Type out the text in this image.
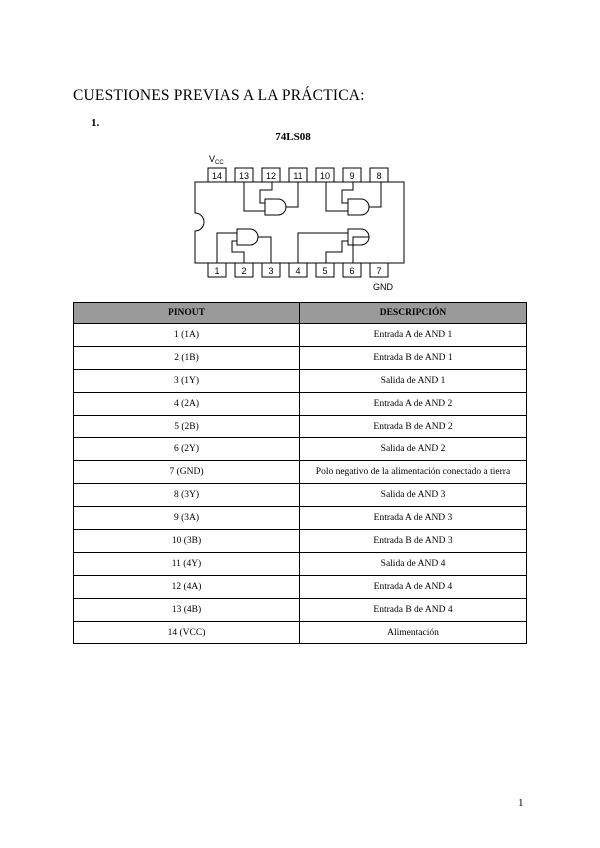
CUESTIONES PREVIAS A LA PRÁCTICA:
1.
74LS08
$V_{CC}$
14 13 12 11 10 9 8
1 2 3 4 5 6 7
GND
PINOUT	DESCRIPCIÓN
1 (1A)	Entrada A de AND 1
2 (1B)	Entrada B de AND 1
3 (1Y)	Salida de AND 1
4 (2A)	Entrada A de AND 2
5 (2B)	Entrada B de AND 2
6 (2Y)	Salida de AND 2
7 (GND)	Polo negativo de la alimentación conectado a tierra
8 (3Y)	Salida de AND 3
9 (3A)	Entrada A de AND 3
10 (3B)	Entrada B de AND 3
11 (4Y)	Salida de AND 4
12 (4A)	Entrada A de AND 4
13 (4B)	Entrada B de AND 4
14 (VCC)	Alimentación
1
